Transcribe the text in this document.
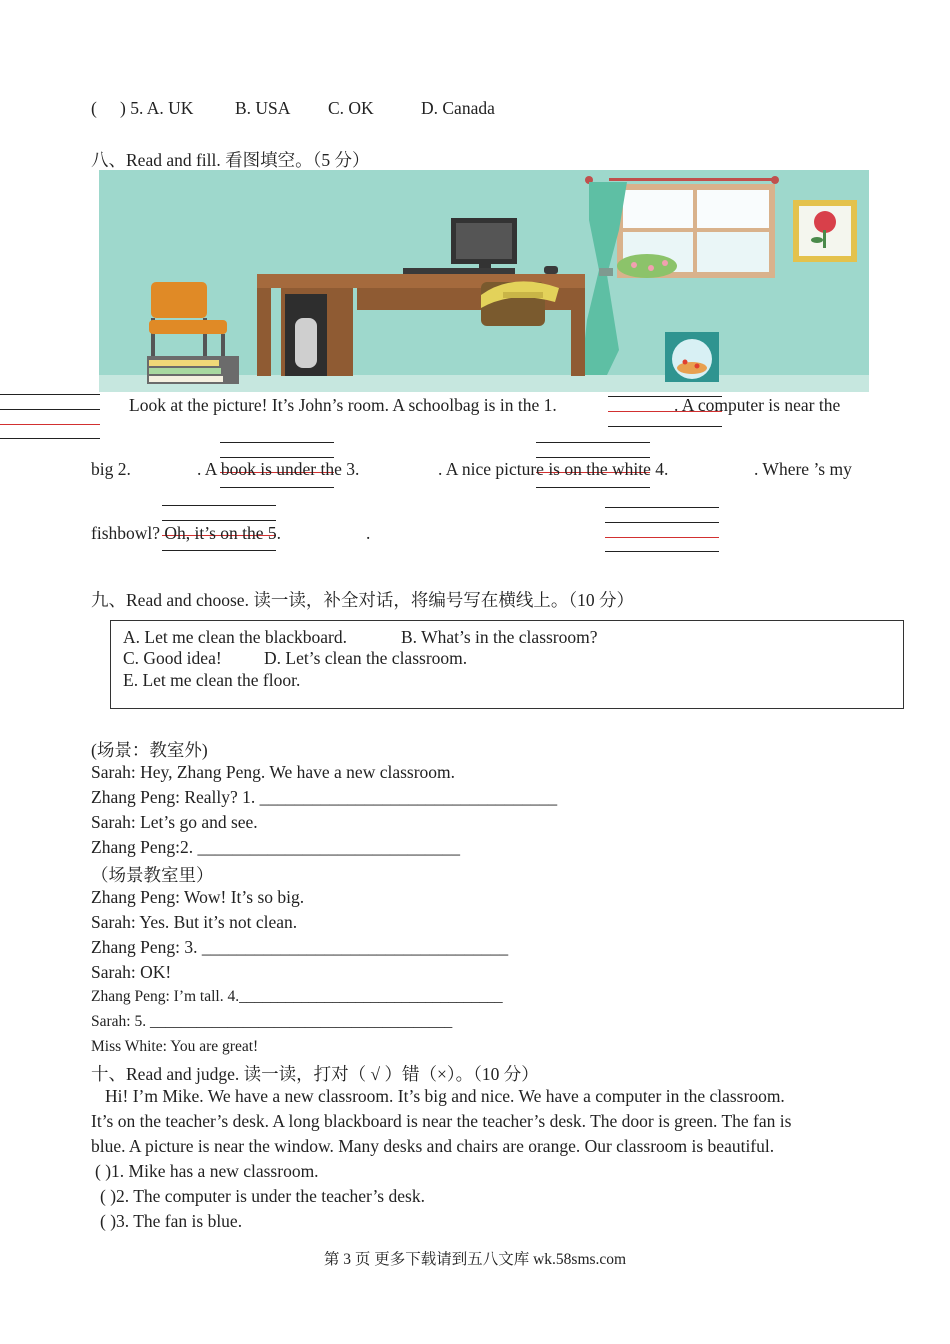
( ) 5. A. UK B. USA C. OK	D. Canada
八、Read and fill. 看图填空。（5 分）
Look at the picture! It’s John’s room. A schoolbag is in the 1.	. A computer is near the
big 2.	. A book is under the 3.	. A nice picture is on the white 4.	. Where ’s my
fishbowl? Oh, it’s on the 5.	.
九、Read and choose. 读一读，补全对话，将编号写在横线上。（10 分）
A. Let me clean the blackboard.	B. What’s in the classroom?
C. Good idea! D. Let’s clean the classroom.
E. Let me clean the floor.
(场景：教室外)
Sarah: Hey, Zhang Peng. We have a new classroom.
Zhang Peng: Really? 1. __________________________________
Sarah: Let’s go and see.
Zhang Peng:2. ______________________________
（场景教室里）
Zhang Peng: Wow! It’s so big.
Sarah: Yes. But it’s not clean.
Zhang Peng: 3. ___________________________________
Sarah: OK!
Zhang Peng: I’m tall. 4.__________________________________
Sarah: 5. _______________________________________
Miss White: You are great!
十、Read and judge. 读一读，打对（ √ ）错（×）。（10 分）
Hi! I’m Mike. We have a new classroom. It’s big and nice. We have a computer in the classroom.
It’s on the teacher’s desk. A long blackboard is near the teacher’s desk. The door is green. The fan is
blue. A picture is near the window. Many desks and chairs are orange. Our classroom is beautiful.
( )1. Mike has a new classroom.
( )2. The computer is under the teacher’s desk.
( )3. The fan is blue.
第 3 页 更多下载请到五八文库 wk.58sms.com
